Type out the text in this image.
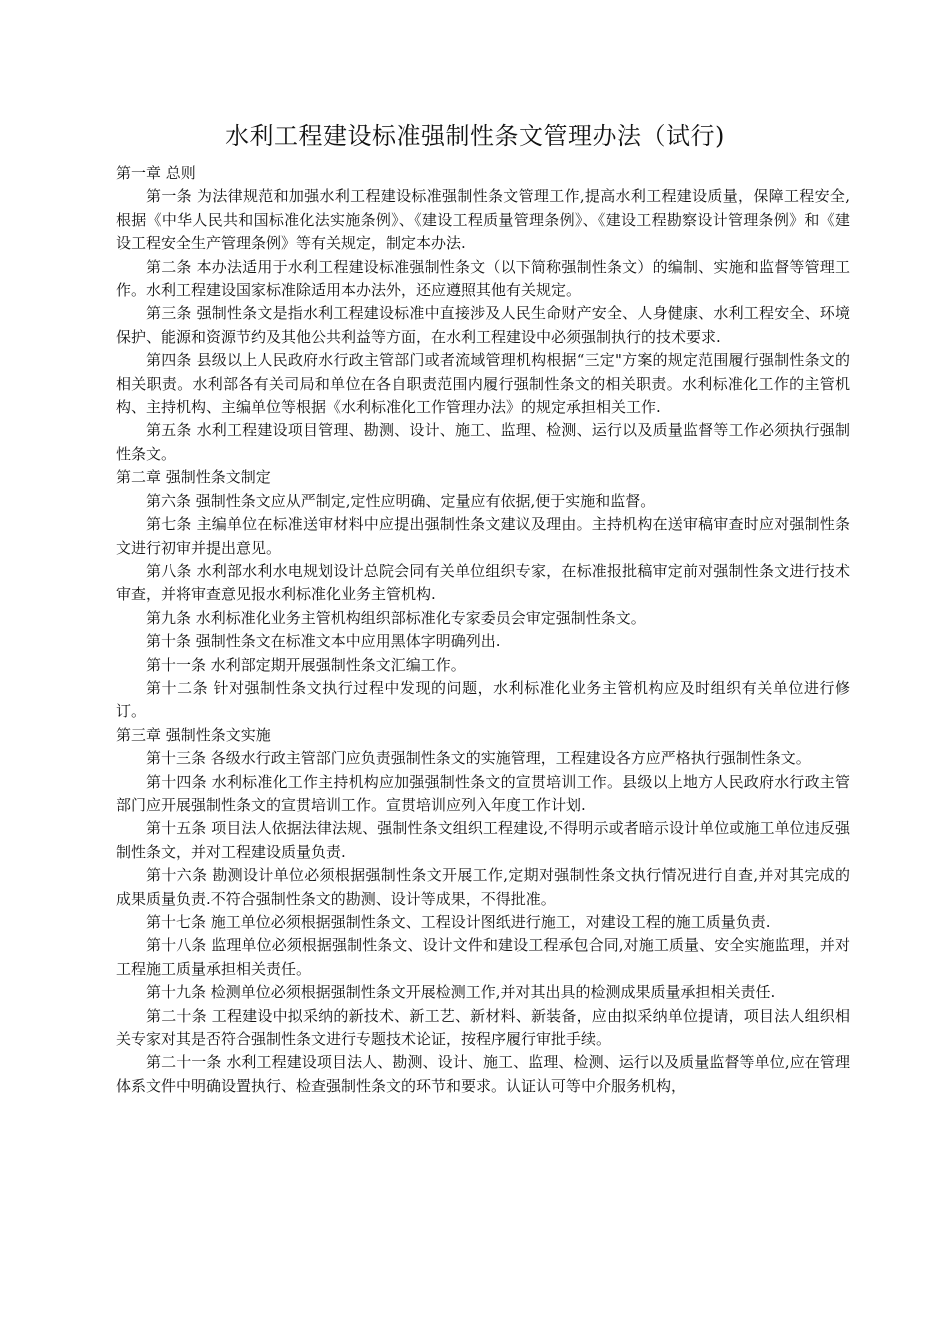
水利工程建设标准强制性条文管理办法（试行)

第一章 总则

第一条 为法律规范和加强水利工程建设标准强制性条文管理工作,提高水利工程建设质量，保障工程安全,根据《中华人民共和国标准化法实施条例》、《建设工程质量管理条例》、《建设工程勘察设计管理条例》和《建设工程安全生产管理条例》等有关规定，制定本办法.

第二条 本办法适用于水利工程建设标准强制性条文（以下简称强制性条文）的编制、实施和监督等管理工作。水利工程建设国家标准除适用本办法外，还应遵照其他有关规定。

第三条 强制性条文是指水利工程建设标准中直接涉及人民生命财产安全、人身健康、水利工程安全、环境保护、能源和资源节约及其他公共利益等方面，在水利工程建设中必须强制执行的技术要求.

第四条 县级以上人民政府水行政主管部门或者流域管理机构根据“三定"方案的规定范围履行强制性条文的相关职责。水利部各有关司局和单位在各自职责范围内履行强制性条文的相关职责。水利标准化工作的主管机构、主持机构、主编单位等根据《水利标准化工作管理办法》的规定承担相关工作.

第五条 水利工程建设项目管理、勘测、设计、施工、监理、检测、运行以及质量监督等工作必须执行强制性条文。

第二章 强制性条文制定

第六条 强制性条文应从严制定,定性应明确、定量应有依据,便于实施和监督。

第七条 主编单位在标准送审材料中应提出强制性条文建议及理由。主持机构在送审稿审查时应对强制性条文进行初审并提出意见。

第八条 水利部水利水电规划设计总院会同有关单位组织专家，在标准报批稿审定前对强制性条文进行技术审查，并将审查意见报水利标准化业务主管机构.

第九条 水利标准化业务主管机构组织部标准化专家委员会审定强制性条文。

第十条 强制性条文在标准文本中应用黑体字明确列出.

第十一条 水利部定期开展强制性条文汇编工作。

第十二条 针对强制性条文执行过程中发现的问题，水利标准化业务主管机构应及时组织有关单位进行修订。

第三章 强制性条文实施

第十三条 各级水行政主管部门应负责强制性条文的实施管理，工程建设各方应严格执行强制性条文。

第十四条 水利标准化工作主持机构应加强强制性条文的宣贯培训工作。县级以上地方人民政府水行政主管部门应开展强制性条文的宣贯培训工作。宣贯培训应列入年度工作计划.

第十五条 项目法人依据法律法规、强制性条文组织工程建设,不得明示或者暗示设计单位或施工单位违反强制性条文，并对工程建设质量负责.

第十六条 勘测设计单位必须根据强制性条文开展工作,定期对强制性条文执行情况进行自查,并对其完成的成果质量负责.不符合强制性条文的勘测、设计等成果，不得批准。

第十七条 施工单位必须根据强制性条文、工程设计图纸进行施工，对建设工程的施工质量负责.

第十八条 监理单位必须根据强制性条文、设计文件和建设工程承包合同,对施工质量、安全实施监理，并对工程施工质量承担相关责任。

第十九条 检测单位必须根据强制性条文开展检测工作,并对其出具的检测成果质量承担相关责任.

第二十条 工程建设中拟采纳的新技术、新工艺、新材料、新装备，应由拟采纳单位提请，项目法人组织相关专家对其是否符合强制性条文进行专题技术论证，按程序履行审批手续。

第二十一条 水利工程建设项目法人、勘测、设计、施工、监理、检测、运行以及质量监督等单位,应在管理体系文件中明确设置执行、检查强制性条文的环节和要求。认证认可等中介服务机构，
